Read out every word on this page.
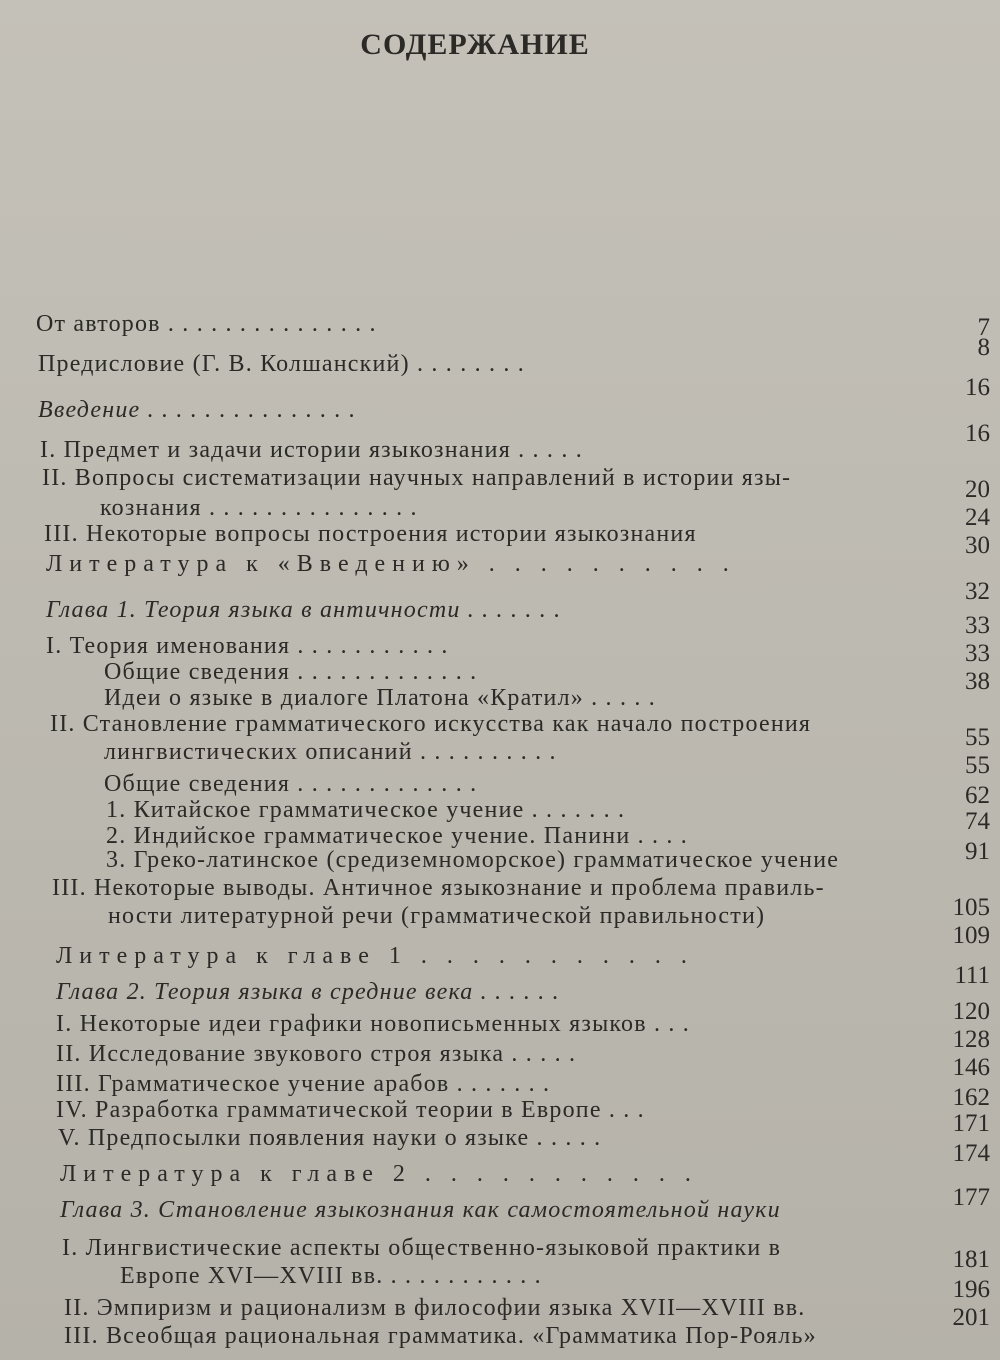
СОДЕРЖАНИЕ
От авторов . . . . . . . . . . . . . . .
Предисловие (Г. В. Колшанский) . . . . . . . .
Введение . . . . . . . . . . . . . . .
I. Предмет и задачи истории языкознания . . . . .
II. Вопросы систематизации научных направлений в истории язы-
кознания . . . . . . . . . . . . . . .
III. Некоторые вопросы построения истории языкознания
Литература к «Введению» . . . . . . . . . .
Глава 1. Теория языка в античности . . . . . . .
I. Теория именования . . . . . . . . . . .
Общие сведения . . . . . . . . . . . . .
Идеи о языке в диалоге Платона «Кратил» . . . . .
II. Становление грамматического искусства как начало построения
лингвистических описаний . . . . . . . . . .
Общие сведения . . . . . . . . . . . . .
1. Китайское грамматическое учение . . . . . . .
2. Индийское грамматическое учение. Панини . . . .
3. Греко-латинское (средиземноморское) грамматическое учение
III. Некоторые выводы. Античное языкознание и проблема правиль-
ности литературной речи (грамматической правильности)
Литература к главе 1 . . . . . . . . . . .
Глава 2. Теория языка в средние века . . . . . .
I. Некоторые идеи графики новописьменных языков . . .
II. Исследование звукового строя языка . . . . .
III. Грамматическое учение арабов . . . . . . .
IV. Разработка грамматической теории в Европе . . .
V. Предпосылки появления науки о языке . . . . .
Литература к главе 2 . . . . . . . . . . .
Глава 3. Становление языкознания как самостоятельной науки
I. Лингвистические аспекты общественно-языковой практики в
Европе XVI—XVIII вв. . . . . . . . . . . .
II. Эмпиризм и рационализм в философии языка XVII—XVIII вв.
III. Всеобщая рациональная грамматика. «Грамматика Пор-Рояль»
7
8
16
16
20
24
30
32
33
33
38
55
55
62
74
91
105
109
111
120
128
146
162
171
174
177
181
196
201
